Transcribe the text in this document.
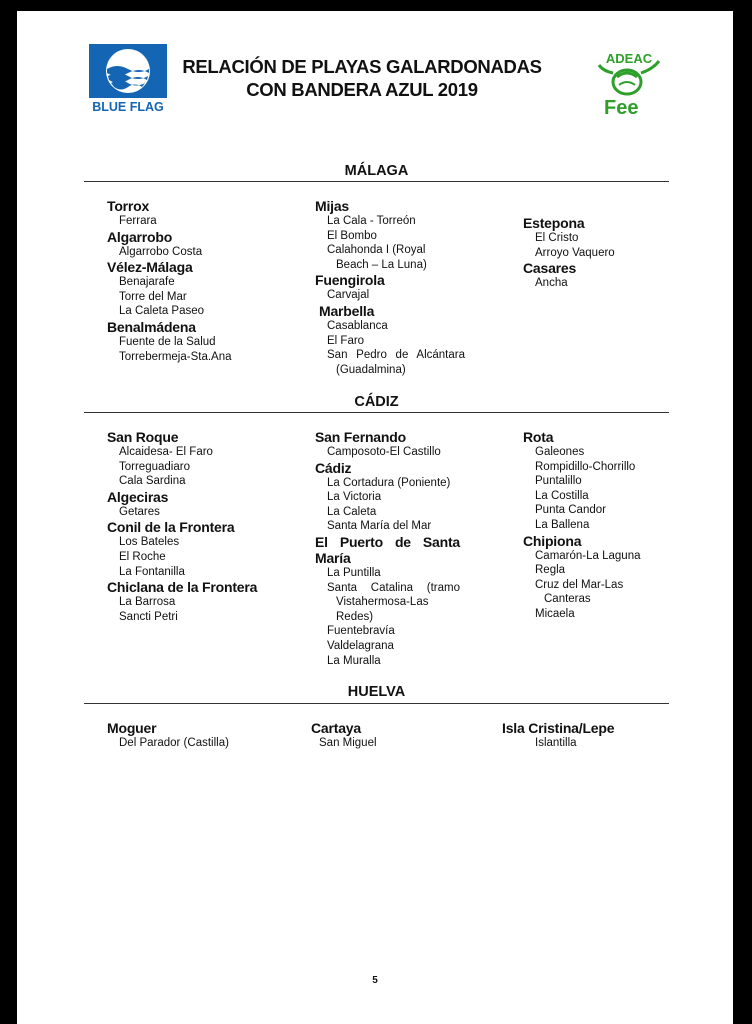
BLUE FLAG
RELACIÓN DE PLAYAS GALARDONADAS
CON BANDERA AZUL 2019
ADEAC
Fee
MÁLAGA
Torrox
Ferrara
Algarrobo
Algarrobo Costa
Vélez-Málaga
Benajarafe
Torre del Mar
La Caleta Paseo
Benalmádena
Fuente de la Salud
Torrebermeja-Sta.Ana
Mijas
La Cala - Torreón
El Bombo
Calahonda I (Royal
Beach – La Luna)
Fuengirola
Carvajal
Marbella
Casablanca
El Faro
San Pedro de Alcántara
(Guadalmina)
Estepona
El Cristo
Arroyo Vaquero
Casares
Ancha
CÁDIZ
San Roque
Alcaidesa- El Faro
Torreguadiaro
Cala Sardina
Algeciras
Getares
Conil de la Frontera
Los Bateles
El Roche
La Fontanilla
Chiclana de la Frontera
La Barrosa
Sancti Petri
San Fernando
Camposoto-El Castillo
Cádiz
La Cortadura (Poniente)
La Victoria
La Caleta
Santa María del Mar
El Puerto de Santa
María
La Puntilla
Santa Catalina (tramo
Vistahermosa-Las
Redes)
Fuentebravía
Valdelagrana
La Muralla
Rota
Galeones
Rompidillo-Chorrillo
Puntalillo
La Costilla
Punta Candor
La Ballena
Chipiona
Camarón-La Laguna
Regla
Cruz del Mar-Las
Canteras
Micaela
HUELVA
Moguer
Del Parador (Castilla)
Cartaya
San Miguel
Isla Cristina/Lepe
Islantilla
5
